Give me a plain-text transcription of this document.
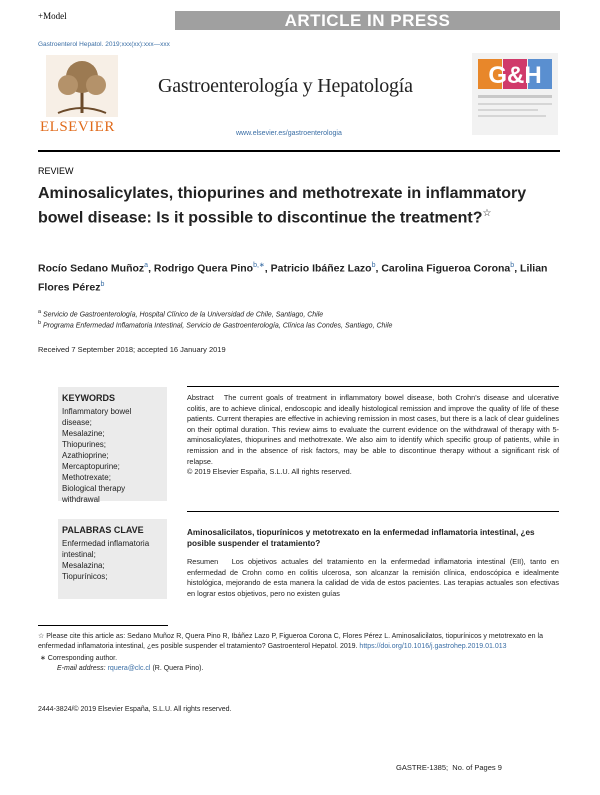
+Model	ARTICLE IN PRESS
Gastroenterol Hepatol. 2019;xxx(xx):xxx—xxx
ELSEVIER
Gastroenterología y Hepatología
www.elsevier.es/gastroenterologia
G&H
REVIEW
Aminosalicylates, thiopurines and methotrexate in inflammatory bowel disease: Is it possible to discontinue the treatment?☆
Rocío Sedano Muñoz$^a$, Rodrigo Quera Pino$^{b,∗}$, Patricio Ibáñez Lazo$^b$, Carolina Figueroa Corona$^b$, Lilian Flores Pérez$^b$
$^a$ Servicio de Gastroenterología, Hospital Clínico de la Universidad de Chile, Santiago, Chile
$^b$ Programa Enfermedad Inflamatoria Intestinal, Servicio de Gastroenterología, Clínica las Condes, Santiago, Chile
Received 7 September 2018; accepted 16 January 2019
KEYWORDS
Inflammatory bowel disease;
Mesalazine;
Thiopurines;
Azathioprine;
Mercaptopurine;
Methotrexate;
Biological therapy withdrawal
Abstract The current goals of treatment in inflammatory bowel disease, both Crohn's disease and ulcerative colitis, are to achieve clinical, endoscopic and ideally histological remission and improve the quality of life of these patients. Current therapies are effective in achieving remission in most cases, but there is a lack of clear guidelines on their optimal duration. This review aims to evaluate the current evidence on the withdrawal of therapy with 5-aminosalicylates, thiopurines and methotrexate. We also aim to identify which specific group of patients, while in remission and in the absence of risk factors, may be able to discontinue therapy without a significant risk of relapse.
© 2019 Elsevier España, S.L.U. All rights reserved.
PALABRAS CLAVE
Enfermedad inflamatoria intestinal;
Mesalazina;
Tiopurínicos;
Aminosalicilatos, tiopurínicos y metotrexato en la enfermedad inflamatoria intestinal, ¿es posible suspender el tratamiento?
Resumen Los objetivos actuales del tratamiento en la enfermedad inflamatoria intestinal (EII), tanto en enfermedad de Crohn como en colitis ulcerosa, son alcanzar la remisión clínica, endoscópica e idealmente histológica, mejorando de esta manera la calidad de vida de estos pacientes. Las terapias actuales son efectivas en lograr estos objetivos, pero no existen guías
☆ Please cite this article as: Sedano Muñoz R, Quera Pino R, Ibáñez Lazo P, Figueroa Corona C, Flores Pérez L. Aminosalicilatos, tiopurínicos y metotrexato en la enfermedad inflamatoria intestinal, ¿es posible suspender el tratamiento? Gastroenterol Hepatol. 2019. https://doi.org/10.1016/j.gastrohep.2019.01.013
∗ Corresponding author.
E-mail address: rquera@clc.cl (R. Quera Pino).
2444-3824/© 2019 Elsevier España, S.L.U. All rights reserved.
GASTRE-1385; No. of Pages 9
